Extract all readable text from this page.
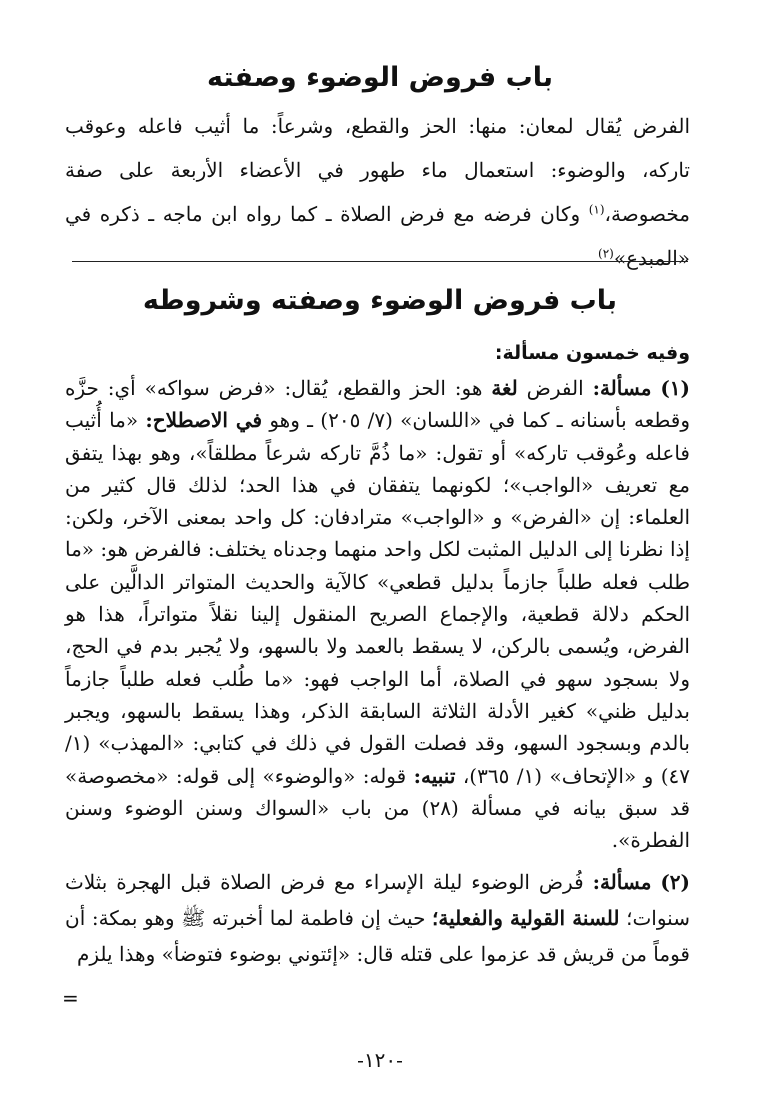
باب فروض الوضوء وصفته

الفرض يُقال لمعان: منها: الحز والقطع، وشرعاً: ما أثيب فاعله وعوقب تاركه، والوضوء: استعمال ماء طهور في الأعضاء الأربعة على صفة مخصوصة،$^{(١)}$ وكان فرضه مع فرض الصلاة ـ كما رواه ابن ماجه ـ ذكره في «المبدع»$^{(٢)}$

باب فروض الوضوء وصفته وشروطه

وفيه خمسون مسألة:

(١) مسألة: الفرض لغة هو: الحز والقطع، يُقال: «فرض سواكه» أي: حزَّه وقطعه بأسنانه ـ كما في «اللسان» (٧/ ٢٠٥) ـ وهو في الاصطلاح: «ما أُثيب فاعله وعُوقب تاركه» أو تقول: «ما ذُمَّ تاركه شرعاً مطلقاً»، وهو بهذا يتفق مع تعريف «الواجب»؛ لكونهما يتفقان في هذا الحد؛ لذلك قال كثير من العلماء: إن «الفرض» و «الواجب» مترادفان: كل واحد بمعنى الآخر، ولكن: إذا نظرنا إلى الدليل المثبت لكل واحد منهما وجدناه يختلف: فالفرض هو: «ما طلب فعله طلباً جازماً بدليل قطعي» كالآية والحديث المتواتر الدالَّين على الحكم دلالة قطعية، والإجماع الصريح المنقول إلينا نقلاً متواتراً، هذا هو الفرض، ويُسمى بالركن، لا يسقط بالعمد ولا بالسهو، ولا يُجبر بدم في الحج، ولا بسجود سهو في الصلاة، أما الواجب فهو: «ما طُلب فعله طلباً جازماً بدليل ظني» كغير الأدلة الثلاثة السابقة الذكر، وهذا يسقط بالسهو، ويجبر بالدم وبسجود السهو، وقد فصلت القول في ذلك في كتابي: «المهذب» (١/ ٤٧) و «الإتحاف» (١/ ٣٦٥)، تنبيه: قوله: «والوضوء» إلى قوله: «مخصوصة» قد سبق بيانه في مسألة (٢٨) من باب «السواك وسنن الوضوء وسنن الفطرة».

(٢) مسألة: فُرض الوضوء ليلة الإسراء مع فرض الصلاة قبل الهجرة بثلاث سنوات؛ للسنة القولية والفعلية؛ حيث إن فاطمة لما أخبرته ﷺ وهو بمكة: أن قوماً من قريش قد عزموا على قتله قال: «إئتوني بوضوء فتوضأ» وهذا يلزم

=

-١٢٠-
